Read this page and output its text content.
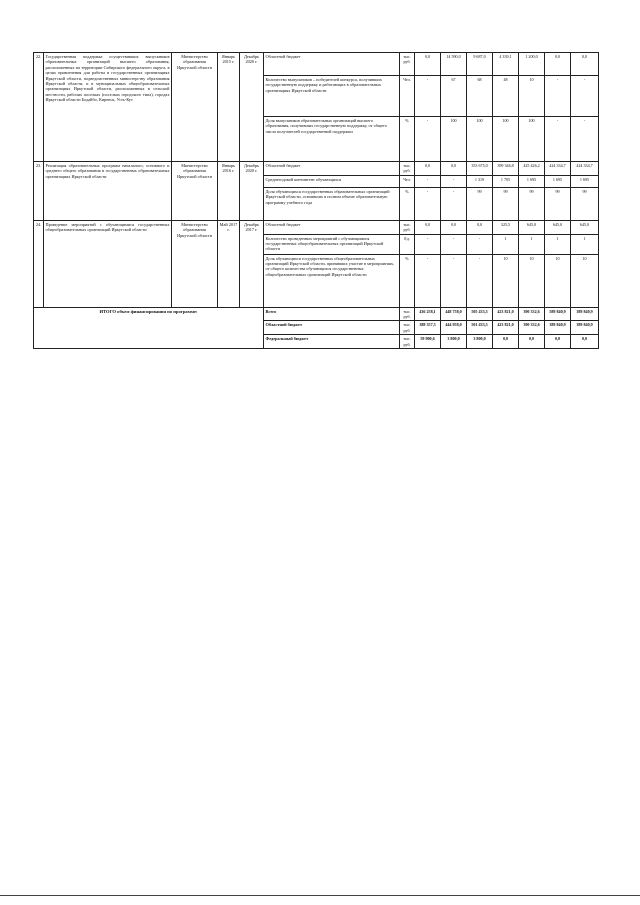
22.	Государственная поддержка осуществивших выпускников образовательных организаций высшего образования, расположенных на территории Сибирского федерального округа, в целях привлечения для работы в государственных организациях Иркутской области, подведомственных министерству образования Иркутской области, и в муниципальных общеобразовательных организациях Иркутской области, расположенных в сельской местности, рабочих поселках (поселках городского типа), городах Иркутской области Бодайбо, Киренск, Усть-Кут	Министерство образования Иркутской области	Январь 2015 г.	Декабрь 2020 г.	Областной бюджет	тыс. руб.	0,0	14 590,0	9 687,0	4 339,1	1 200,0	0,0	0,0
					Количество выпускников – победителей конкурса, получивших государственную поддержку и работающих в образовательных организациях Иркутской области	Чел.	-	67	68	48	10	-	-
					Доля выпускников образовательных организаций высшего образования, получивших государственную поддержку, от общего числа получателей государственной поддержки	%	-	100	100	100	100	-	-
23.	Реализация образовательных программ начального, основного и среднего общего образования в государственных образовательных организациях Иркутской области	Министерство образования Иркутской области	Январь 2016 г.	Декабрь 2020 г.	Областной бюджет	тыс. руб.	0,0	0,0	353 675,0	399 346,8	425 426,2	424 334,7	424 334,7
					Среднегодовой контингент обучающихся	Чел.	-	-	1 319	1 705	1 695	1 695	1 695
					Доля обучающихся государственных образовательных организаций Иркутской области, освоивших в полном объеме образовательную программу учебного года	%	-	-	99	99	99	99	99
24.	Проведение мероприятий с обучающимися государственных общеобразовательных организаций Иркутской области	Министерство образования Иркутской области	Май 2017 г.	Декабрь 2017 г.	Областной бюджет	тыс. руб.	0,0	0,0	0,0	325,5	645,0	645,0	645,0
					Количество проведенных мероприятий с обучающимися государственных общеобразовательных организаций Иркутской области	Ед.	-	-	-	1	1	1	1
					Доля обучающихся государственных общеобразовательных организаций Иркутской области, принявших участие в мероприятиях, от общего количества обучающихся государственных общеобразовательных организаций Иркутской области	%	-	-	-	10	10	10	10
ИТОГО объем финансирования по программе:					Всего	тыс. руб.	436 258,1	448 758,0	505 433,5	423 821,0	390 332,6	589 840,9	389 840,9
					Областной бюджет	тыс. руб.	388 357,5	444 958,0	501 433,5	423 821,0	390 332,6	389 840,9	389 840,9
					Федеральный бюджет	тыс. руб.	59 900,6	3 800,0	3 800,0	0,0	0,0	0,0	0,0
